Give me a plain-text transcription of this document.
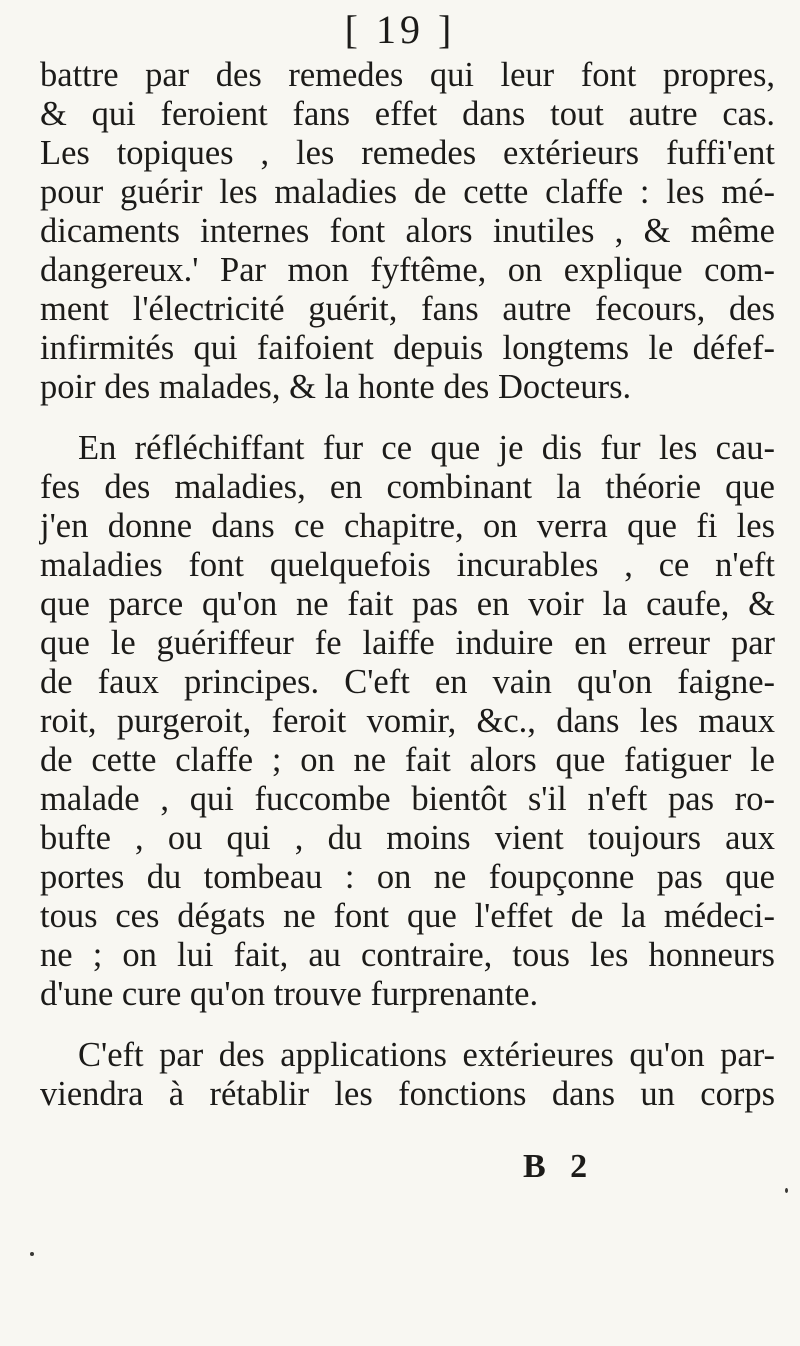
[ 19 ]
battre par des remedes qui leur font propres,
& qui feroient fans effet dans tout autre cas.
Les topiques , les remedes extérieurs fuffi'ent
pour guérir les maladies de cette claffe : les mé-
dicaments internes font alors inutiles , & même
dangereux.' Par mon fyftême, on explique com-
ment l'électricité guérit, fans autre fecours, des
infirmités qui faifoient depuis longtems le défef-
poir des malades, & la honte des Docteurs.
En réfléchiffant fur ce que je dis fur les cau-
fes des maladies, en combinant la théorie que
j'en donne dans ce chapitre, on verra que fi les
maladies font quelquefois incurables , ce n'eft
que parce qu'on ne fait pas en voir la caufe, &
que le guériffeur fe laiffe induire en erreur par
de faux principes. C'eft en vain qu'on faigne-
roit, purgeroit, feroit vomir, &c., dans les maux
de cette claffe ; on ne fait alors que fatiguer le
malade , qui fuccombe bientôt s'il n'eft pas ro-
bufte , ou qui , du moins vient toujours aux
portes du tombeau : on ne foupçonne pas que
tous ces dégats ne font que l'effet de la médeci-
ne ; on lui fait, au contraire, tous les honneurs
d'une cure qu'on trouve furprenante.
C'eft par des applications extérieures qu'on par-
viendra à rétablir les fonctions dans un corps
B 2
